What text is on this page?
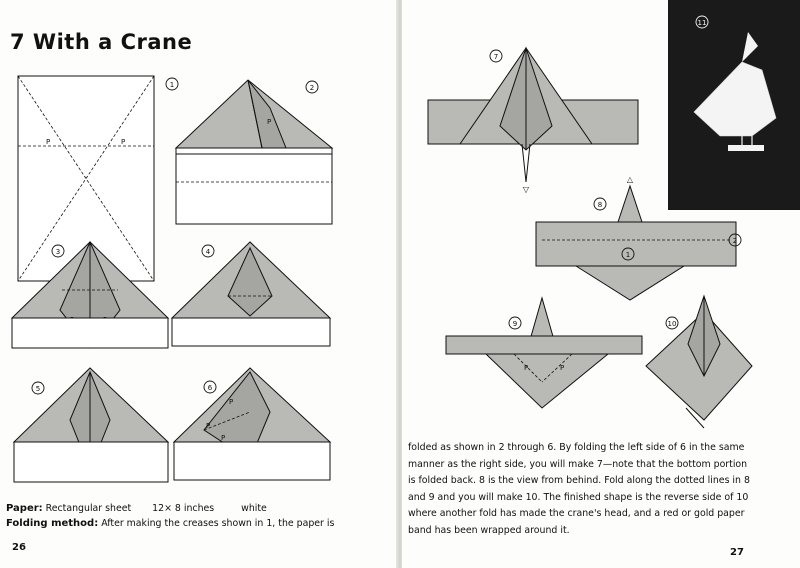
7 With a Crane
P	P
1
P
2
3	4
5
P
P
P
6
Paper: Rectangular sheet 12× 8 inches	white
Folding method: After making the creases shown in 1, the paper is
26
11
▽
7
△
1
2
8
P	P
9	10
folded as shown in 2 through 6. By folding the left side of 6 in the same
manner as the right side, you will make 7—note that the bottom portion
is folded back. 8 is the view from behind. Fold along the dotted lines in 8
and 9 and you will make 10. The finished shape is the reverse side of 10
where another fold has made the crane's head, and a red or gold paper
band has been wrapped around it.
27
